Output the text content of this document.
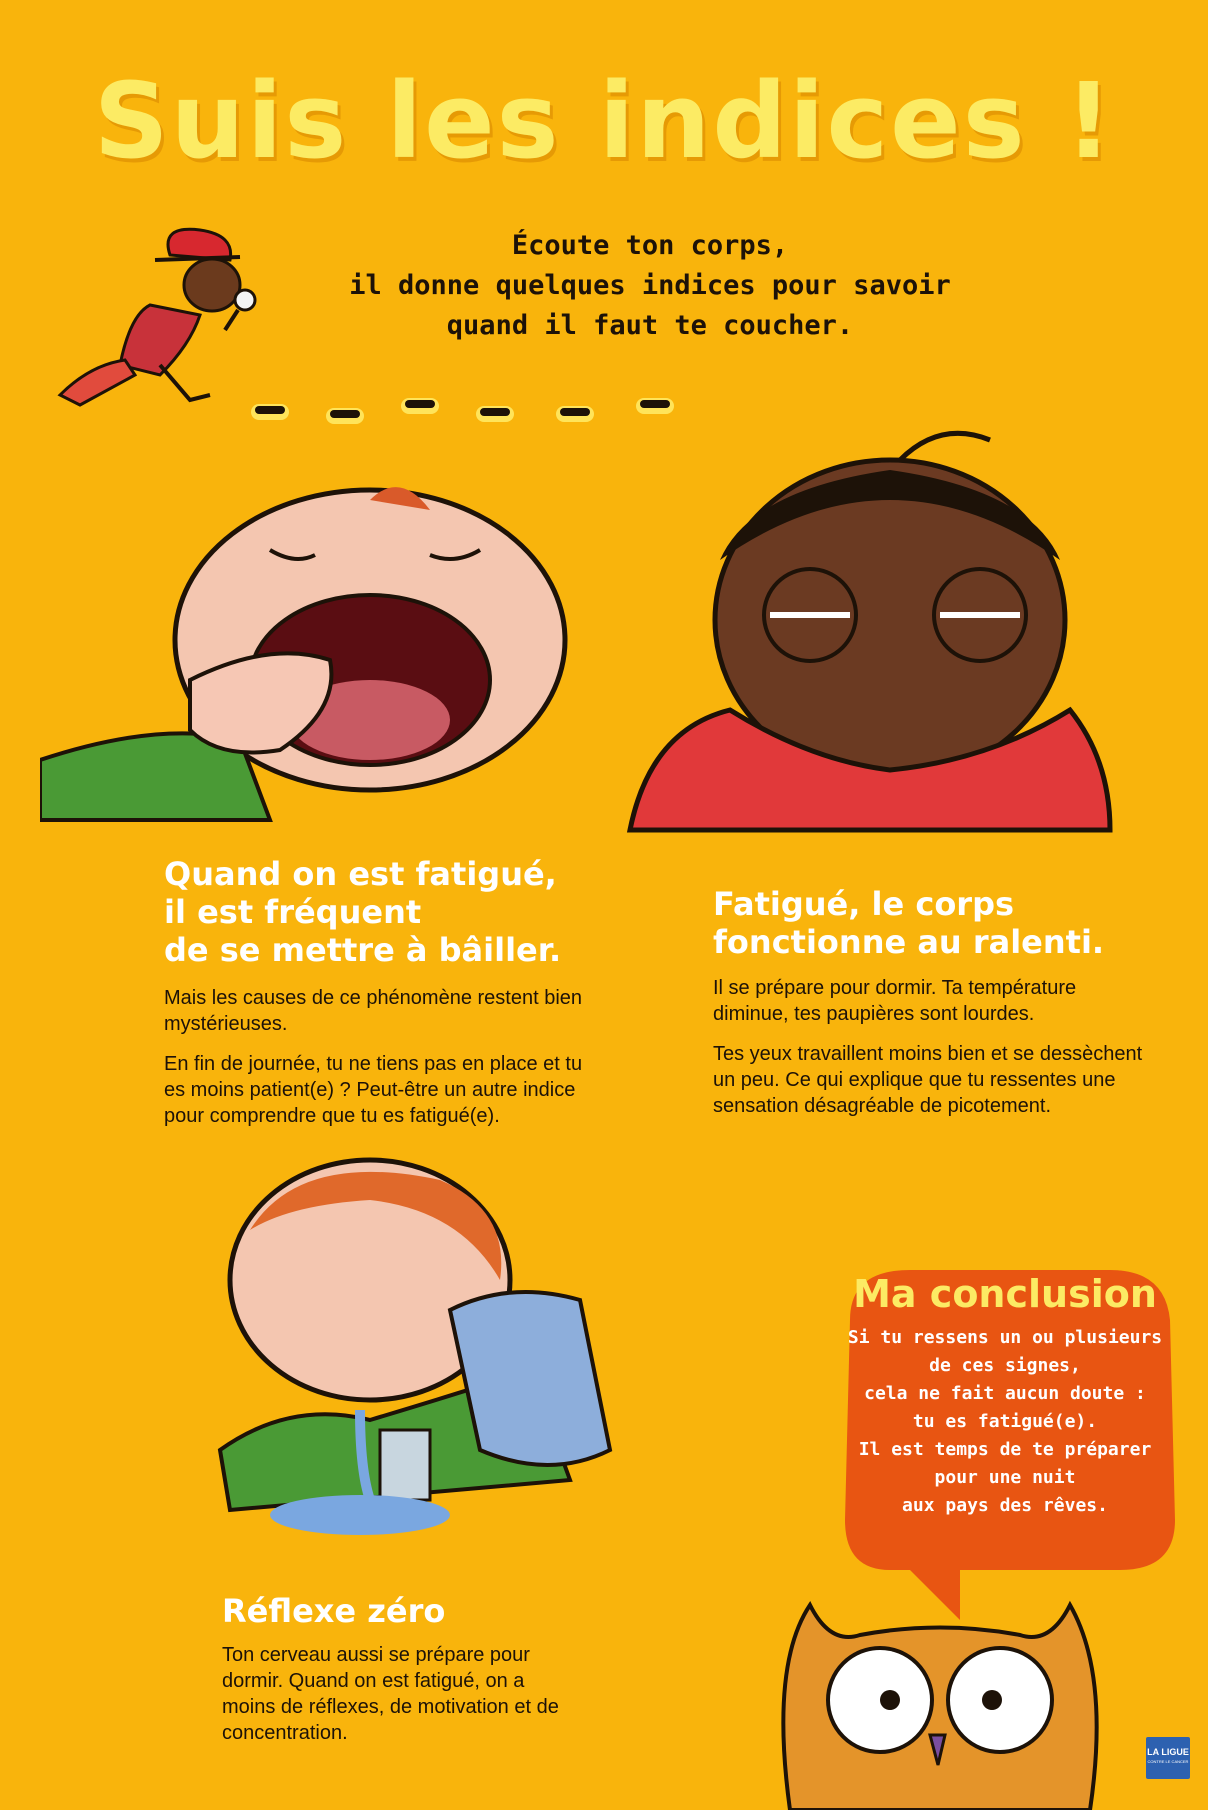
Suis les indices !
Écoute ton corps,
il donne quelques indices pour savoir
quand il faut te coucher.
Quand on est fatigué,
il est fréquent
de se mettre à bâiller.

Mais les causes de ce phénomène restent bien mystérieuses.

En fin de journée, tu ne tiens pas en place et tu es moins patient(e) ? Peut-être un autre indice pour comprendre que tu es fatigué(e).

Fatigué, le corps
fonctionne au ralenti.

Il se prépare pour dormir. Ta température diminue, tes paupières sont lourdes.

Tes yeux travaillent moins bien et se dessèchent un peu. Ce qui explique que tu ressentes une sensation désagréable de picotement.

Réflexe zéro

Ton cerveau aussi se prépare pour dormir. Quand on est fatigué, on a moins de réflexes, de motivation et de concentration.

Ma conclusion
Si tu ressens un ou plusieurs
de ces signes,
cela ne fait aucun doute :
tu es fatigué(e).
Il est temps de te préparer
pour une nuit
aux pays des rêves.
LA LIGUE
CONTRE LE CANCER
